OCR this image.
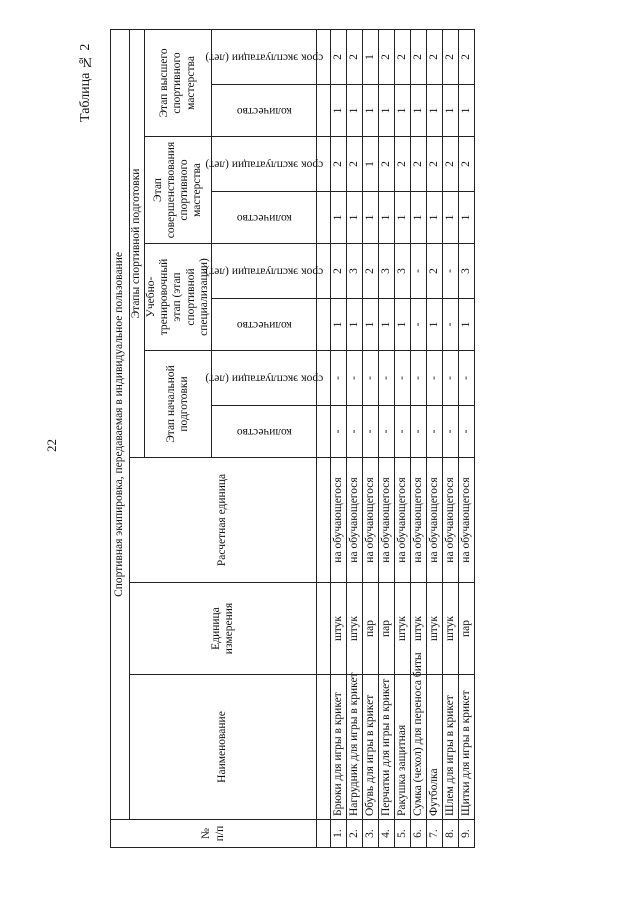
22
Таблица № 2
№ п/п	Спортивная экипировка, передаваемая в индивидуальное пользование										
	Наименование	Единица измерения	Расчетная единица	Этапы спортивной подготовки							
				Этап начальной подготовки		Учебно-тренировочный этап (этап спортивной специализации)		Этап совершенствования спортивного мастерства		Этап высшего спортивного мастерства	

				количество	срок эксплуатации (лет)	количество	срок эксплуатации (лет)	количество	срок эксплуатации (лет)	количество	срок эксплуатации (лет)

1.	Брюки для игры в крикет	штук	на обучающегося	-	-	1	2	1	2	1	2
2.	Нагрудник для игры в крикет	штук	на обучающегося	-	-	1	3	1	2	1	2
3.	Обувь для игры в крикет	пар	на обучающегося	-	-	1	2	1	1	1	1
4.	Перчатки для игры в крикет	пар	на обучающегося	-	-	1	3	1	2	1	2
5.	Ракушка защитная	штук	на обучающегося	-	-	1	3	1	2	1	2
6.	Сумка (чехол) для переноса биты	штук	на обучающегося	-	-	-	-	1	2	1	2
7.	Футболка	штук	на обучающегося	-	-	1	2	1	2	1	2
8.	Шлем для игры в крикет	штук	на обучающегося	-	-	-	-	1	2	1	2
9.	Щитки для игры в крикет	пар	на обучающегося	-	-	1	3	1	2	1	2
